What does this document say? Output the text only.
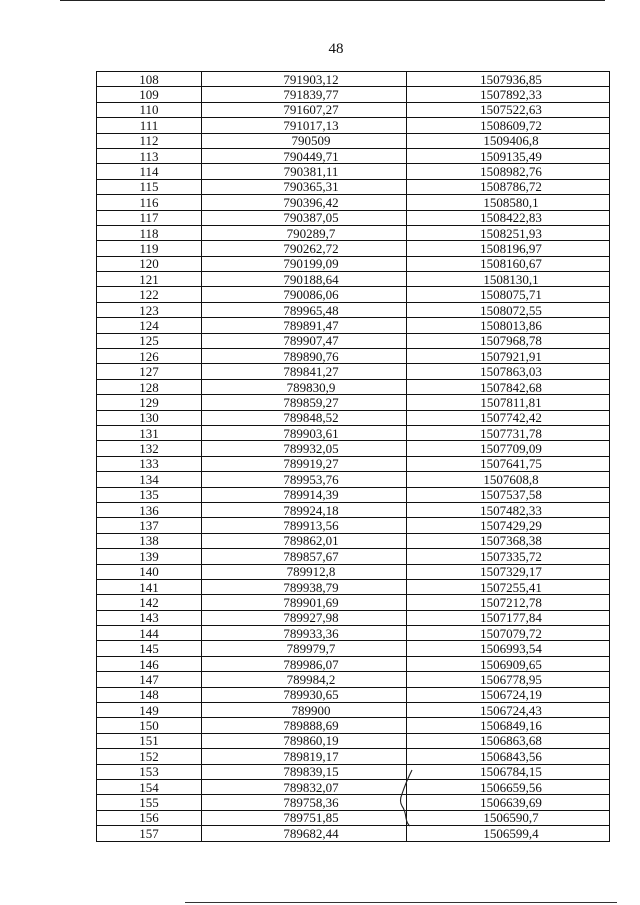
48
108	791903,12	1507936,85
109	791839,77	1507892,33
110	791607,27	1507522,63
111	791017,13	1508609,72
112	790509	1509406,8
113	790449,71	1509135,49
114	790381,11	1508982,76
115	790365,31	1508786,72
116	790396,42	1508580,1
117	790387,05	1508422,83
118	790289,7	1508251,93
119	790262,72	1508196,97
120	790199,09	1508160,67
121	790188,64	1508130,1
122	790086,06	1508075,71
123	789965,48	1508072,55
124	789891,47	1508013,86
125	789907,47	1507968,78
126	789890,76	1507921,91
127	789841,27	1507863,03
128	789830,9	1507842,68
129	789859,27	1507811,81
130	789848,52	1507742,42
131	789903,61	1507731,78
132	789932,05	1507709,09
133	789919,27	1507641,75
134	789953,76	1507608,8
135	789914,39	1507537,58
136	789924,18	1507482,33
137	789913,56	1507429,29
138	789862,01	1507368,38
139	789857,67	1507335,72
140	789912,8	1507329,17
141	789938,79	1507255,41
142	789901,69	1507212,78
143	789927,98	1507177,84
144	789933,36	1507079,72
145	789979,7	1506993,54
146	789986,07	1506909,65
147	789984,2	1506778,95
148	789930,65	1506724,19
149	789900	1506724,43
150	789888,69	1506849,16
151	789860,19	1506863,68
152	789819,17	1506843,56
153	789839,15	1506784,15
154	789832,07	1506659,56
155	789758,36	1506639,69
156	789751,85	1506590,7
157	789682,44	1506599,4
